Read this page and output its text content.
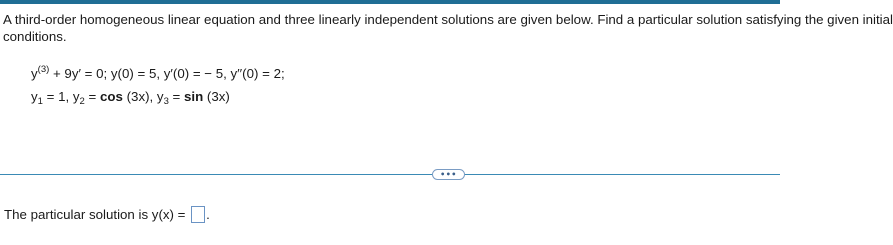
A third-order homogeneous linear equation and three linearly independent solutions are given below. Find a particular solution satisfying the given initial
conditions.
$y^{(3)} + 9y' = 0$; y(0) = 5, y′(0) = − 5, y′′(0) = 2;
$y_1 = 1$, $y_2 = \cos (3x)$, $y_3 = \sin (3x)$
•••
The particular solution is y(x) = .
